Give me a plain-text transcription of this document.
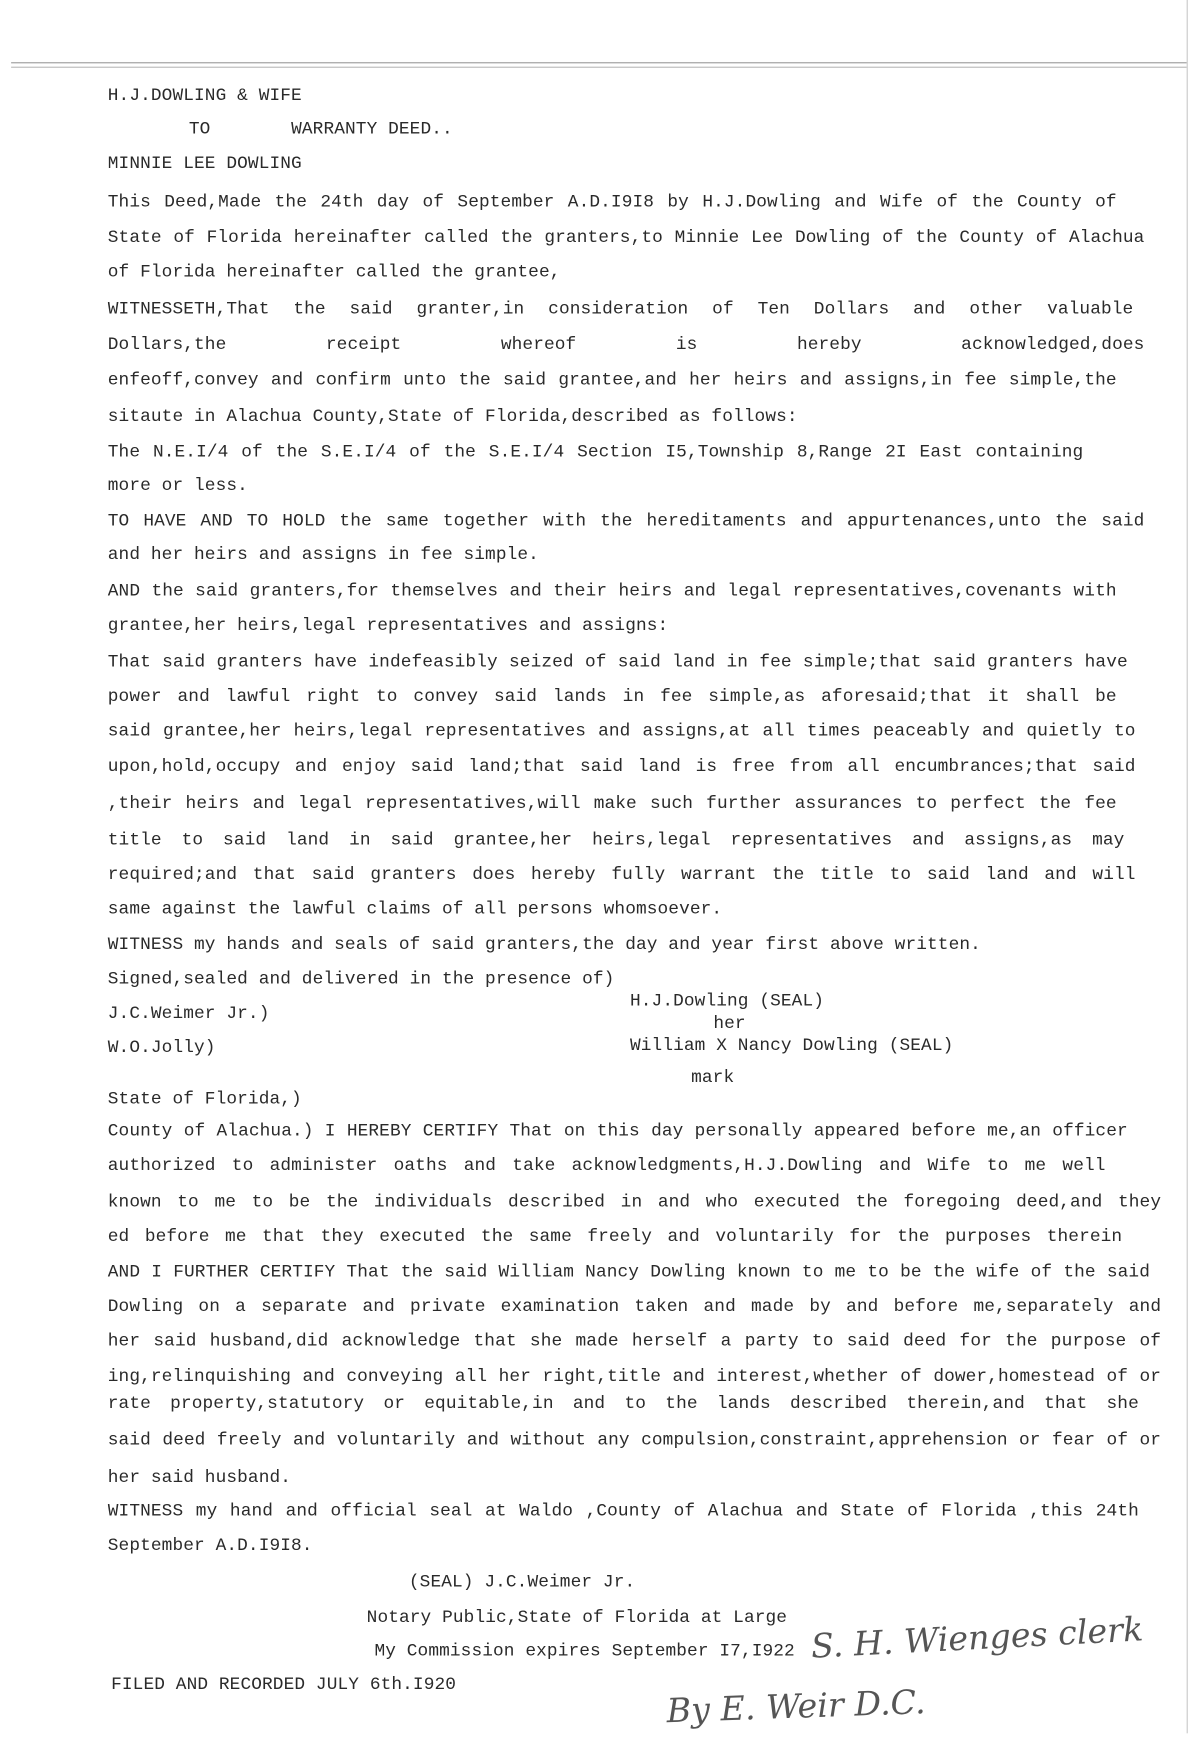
H.J.DOWLING & WIFE
TO	WARRANTY DEED..
MINNIE LEE DOWLING
This Deed,Made the 24th day of September A.D.I9I8 by H.J.Dowling and Wife of the County of
State of Florida hereinafter called the granters,to Minnie Lee Dowling of the County of Alachua
of Florida hereinafter called the grantee,
WITNESSETH,That the said granter,in consideration of Ten Dollars and other valuable
Dollars,the receipt whereof is hereby acknowledged,does
enfeoff,convey and confirm unto the said grantee,and her heirs and assigns,in fee simple,the
sitaute in Alachua County,State of Florida,described as follows:
The N.E.I/4 of the S.E.I/4 of the S.E.I/4 Section I5,Township 8,Range 2I East containing
more or less.
TO HAVE AND TO HOLD the same together with the hereditaments and appurtenances,unto the said
and her heirs and assigns in fee simple.
AND the said granters,for themselves and their heirs and legal representatives,covenants with
grantee,her heirs,legal representatives and assigns:
That said granters have indefeasibly seized of said land in fee simple;that said granters have
power and lawful right to convey said lands in fee simple,as aforesaid;that it shall be
said grantee,her heirs,legal representatives and assigns,at all times peaceably and quietly to
upon,hold,occupy and enjoy said land;that said land is free from all encumbrances;that said
,their heirs and legal representatives,will make such further assurances to perfect the fee
title to said land in said grantee,her heirs,legal representatives and assigns,as may
required;and that said granters does hereby fully warrant the title to said land and will
same against the lawful claims of all persons whomsoever.
WITNESS my hands and seals of said granters,the day and year first above written.
Signed,sealed and delivered in the presence of)
J.C.Weimer Jr.)
W.O.Jolly)
H.J.Dowling (SEAL)
her
William X Nancy Dowling (SEAL)
mark
State of Florida,)
County of Alachua.) I HEREBY CERTIFY That on this day personally appeared before me,an officer
authorized to administer oaths and take acknowledgments,H.J.Dowling and Wife to me well
known to me to be the individuals described in and who executed the foregoing deed,and they
ed before me that they executed the same freely and voluntarily for the purposes therein
AND I FURTHER CERTIFY That the said William Nancy Dowling known to me to be the wife of the said
Dowling on a separate and private examination taken and made by and before me,separately and
her said husband,did acknowledge that she made herself a party to said deed for the purpose of
ing,relinquishing and conveying all her right,title and interest,whether of dower,homestead of or
rate property,statutory or equitable,in and to the lands described therein,and that she
said deed freely and voluntarily and without any compulsion,constraint,apprehension or fear of or
her said husband.
WITNESS my hand and official seal at Waldo ,County of Alachua and State of Florida ,this 24th
September A.D.I9I8.
(SEAL) J.C.Weimer Jr.
Notary Public,State of Florida at Large
My Commission expires September I7,I922
FILED AND RECORDED JULY 6th.I920
S. H. Wienges clerk
By E. Weir D.C.
